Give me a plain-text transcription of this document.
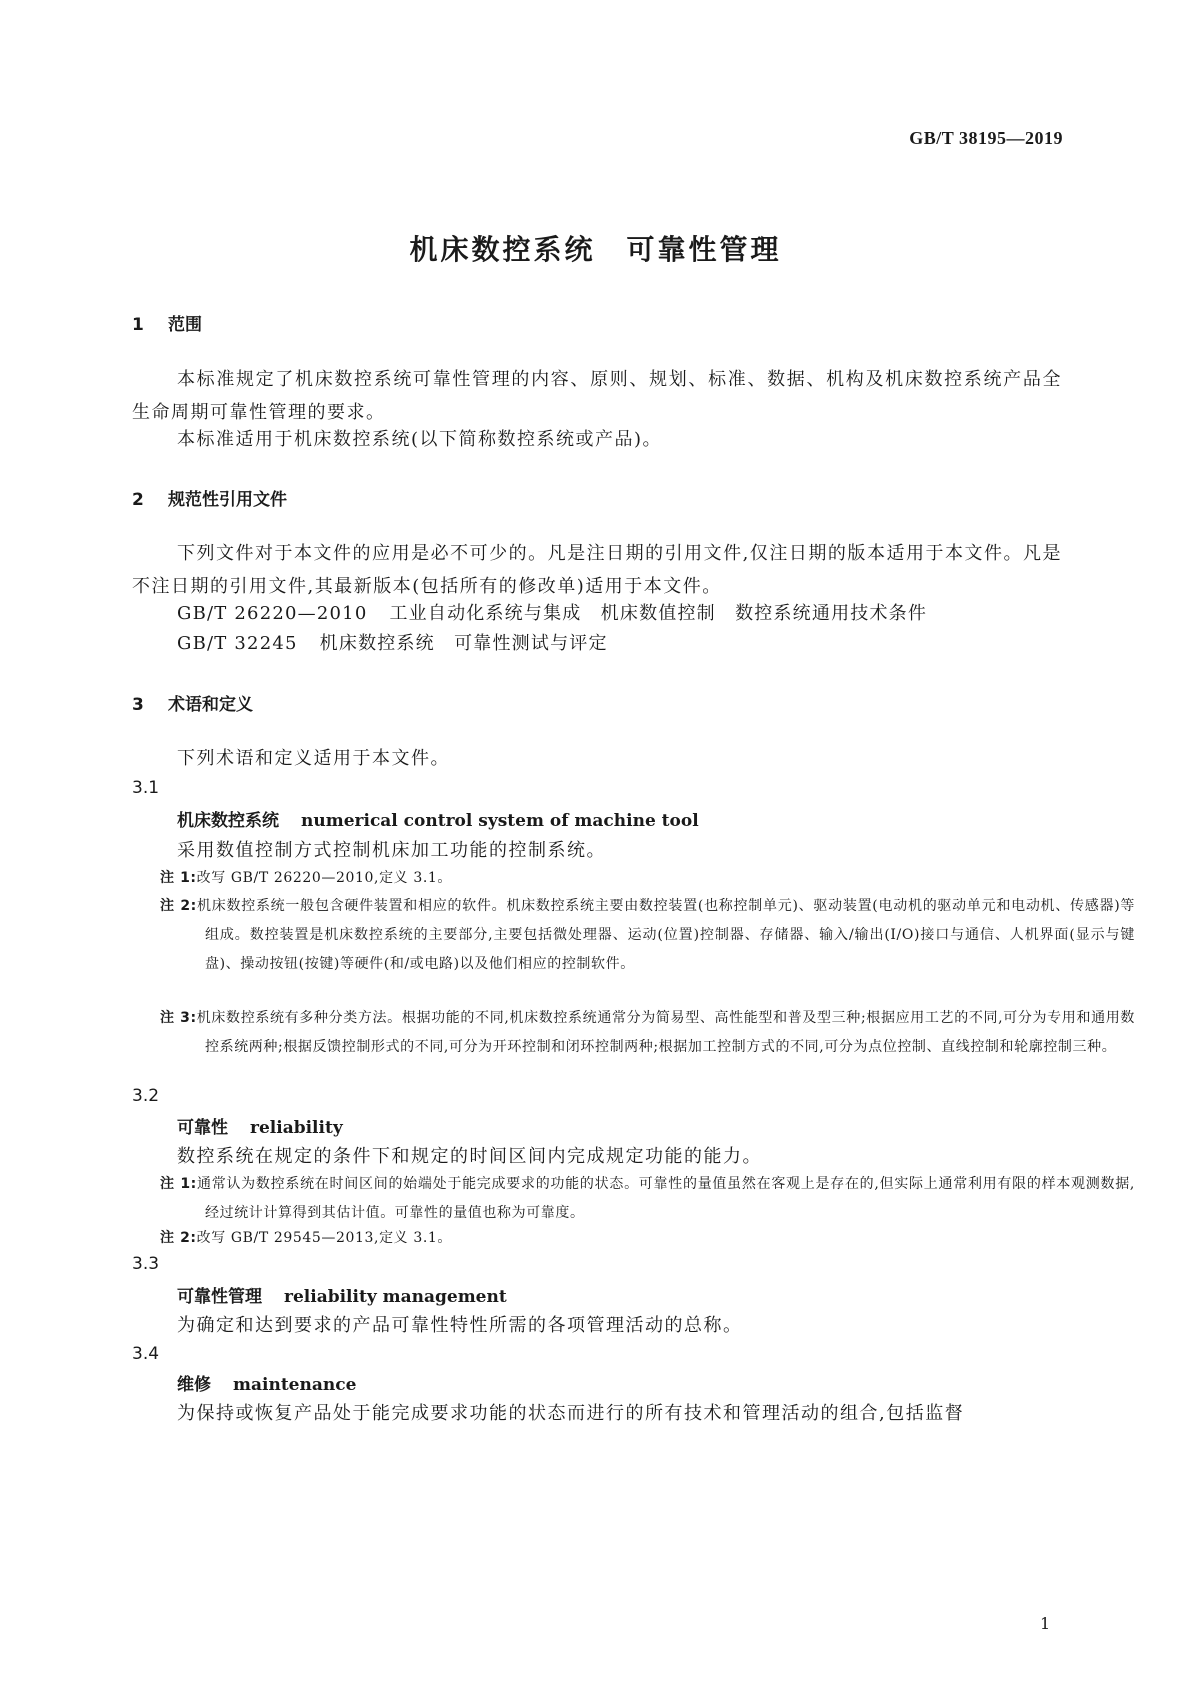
GB/T 38195—2019
机床数控系统　可靠性管理
1 范围
本标准规定了机床数控系统可靠性管理的内容、原则、规划、标准、数据、机构及机床数控系统产品全生命周期可靠性管理的要求。
本标准适用于机床数控系统(以下简称数控系统或产品)。
2 规范性引用文件
下列文件对于本文件的应用是必不可少的。凡是注日期的引用文件,仅注日期的版本适用于本文件。凡是不注日期的引用文件,其最新版本(包括所有的修改单)适用于本文件。
GB/T 26220—2010 工业自动化系统与集成　机床数值控制　数控系统通用技术条件
GB/T 32245 机床数控系统　可靠性测试与评定
3 术语和定义
下列术语和定义适用于本文件。
3.1
机床数控系统 numerical control system of machine tool
采用数值控制方式控制机床加工功能的控制系统。
注 1:改写 GB/T 26220—2010,定义 3.1。
注 2:机床数控系统一般包含硬件装置和相应的软件。机床数控系统主要由数控装置(也称控制单元)、驱动装置(电动机的驱动单元和电动机、传感器)等组成。数控装置是机床数控系统的主要部分,主要包括微处理器、运动(位置)控制器、存储器、输入/输出(I/O)接口与通信、人机界面(显示与键盘)、操动按钮(按键)等硬件(和/或电路)以及他们相应的控制软件。
注 3:机床数控系统有多种分类方法。根据功能的不同,机床数控系统通常分为简易型、高性能型和普及型三种;根据应用工艺的不同,可分为专用和通用数控系统两种;根据反馈控制形式的不同,可分为开环控制和闭环控制两种;根据加工控制方式的不同,可分为点位控制、直线控制和轮廓控制三种。
3.2
可靠性 reliability
数控系统在规定的条件下和规定的时间区间内完成规定功能的能力。
注 1:通常认为数控系统在时间区间的始端处于能完成要求的功能的状态。可靠性的量值虽然在客观上是存在的,但实际上通常利用有限的样本观测数据,经过统计计算得到其估计值。可靠性的量值也称为可靠度。
注 2:改写 GB/T 29545—2013,定义 3.1。
3.3
可靠性管理 reliability management
为确定和达到要求的产品可靠性特性所需的各项管理活动的总称。
3.4
维修 maintenance
为保持或恢复产品处于能完成要求功能的状态而进行的所有技术和管理活动的组合,包括监督
1
